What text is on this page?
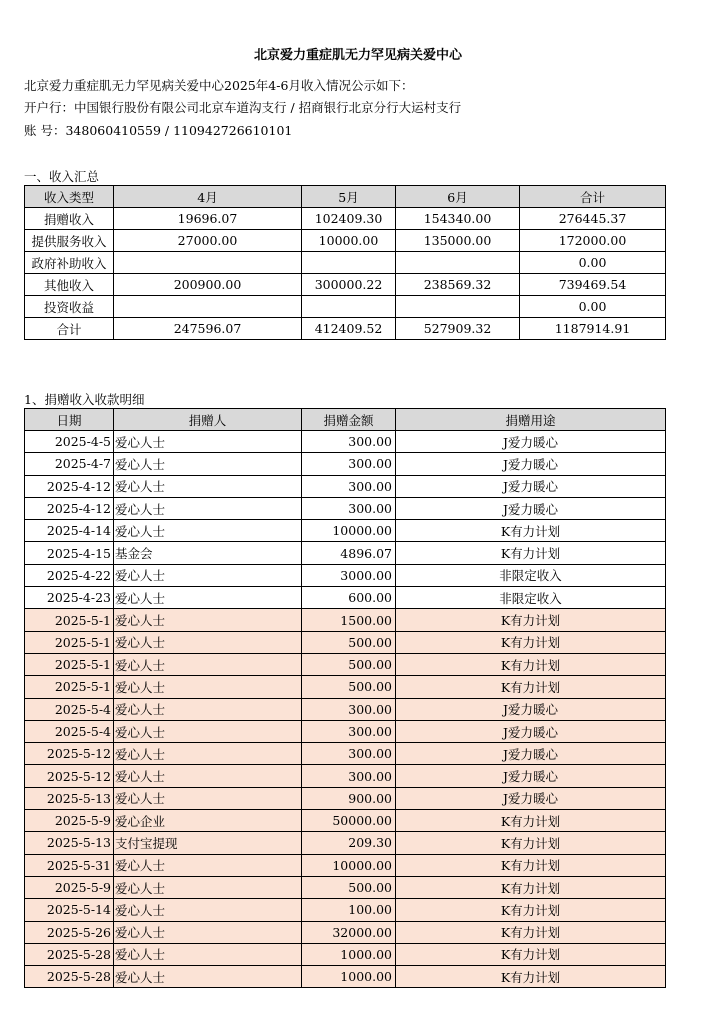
北京爱力重症肌无力罕见病关爱中心
北京爱力重症肌无力罕见病关爱中心2025年4-6月收入情况公示如下：
开户行：中国银行股份有限公司北京车道沟支行 / 招商银行北京分行大运村支行
账 号：348060410559 / 110942726610101
一、收入汇总
收入类型	4月	5月	6月	合计
捐赠收入	19696.07	102409.30	154340.00	276445.37
提供服务收入	27000.00	10000.00	135000.00	172000.00
政府补助收入				0.00
其他收入	200900.00	300000.22	238569.32	739469.54
投资收益				0.00
合计	247596.07	412409.52	527909.32	1187914.91
1、捐赠收入收款明细
日期	捐赠人	捐赠金额	捐赠用途
2025-4-5	爱心人士	300.00	J爱力暖心
2025-4-7	爱心人士	300.00	J爱力暖心
2025-4-12	爱心人士	300.00	J爱力暖心
2025-4-12	爱心人士	300.00	J爱力暖心
2025-4-14	爱心人士	10000.00	K有力计划
2025-4-15	基金会	4896.07	K有力计划
2025-4-22	爱心人士	3000.00	非限定收入
2025-4-23	爱心人士	600.00	非限定收入
2025-5-1	爱心人士	1500.00	K有力计划
2025-5-1	爱心人士	500.00	K有力计划
2025-5-1	爱心人士	500.00	K有力计划
2025-5-1	爱心人士	500.00	K有力计划
2025-5-4	爱心人士	300.00	J爱力暖心
2025-5-4	爱心人士	300.00	J爱力暖心
2025-5-12	爱心人士	300.00	J爱力暖心
2025-5-12	爱心人士	300.00	J爱力暖心
2025-5-13	爱心人士	900.00	J爱力暖心
2025-5-9	爱心企业	50000.00	K有力计划
2025-5-13	支付宝提现	209.30	K有力计划
2025-5-31	爱心人士	10000.00	K有力计划
2025-5-9	爱心人士	500.00	K有力计划
2025-5-14	爱心人士	100.00	K有力计划
2025-5-26	爱心人士	32000.00	K有力计划
2025-5-28	爱心人士	1000.00	K有力计划
2025-5-28	爱心人士	1000.00	K有力计划
